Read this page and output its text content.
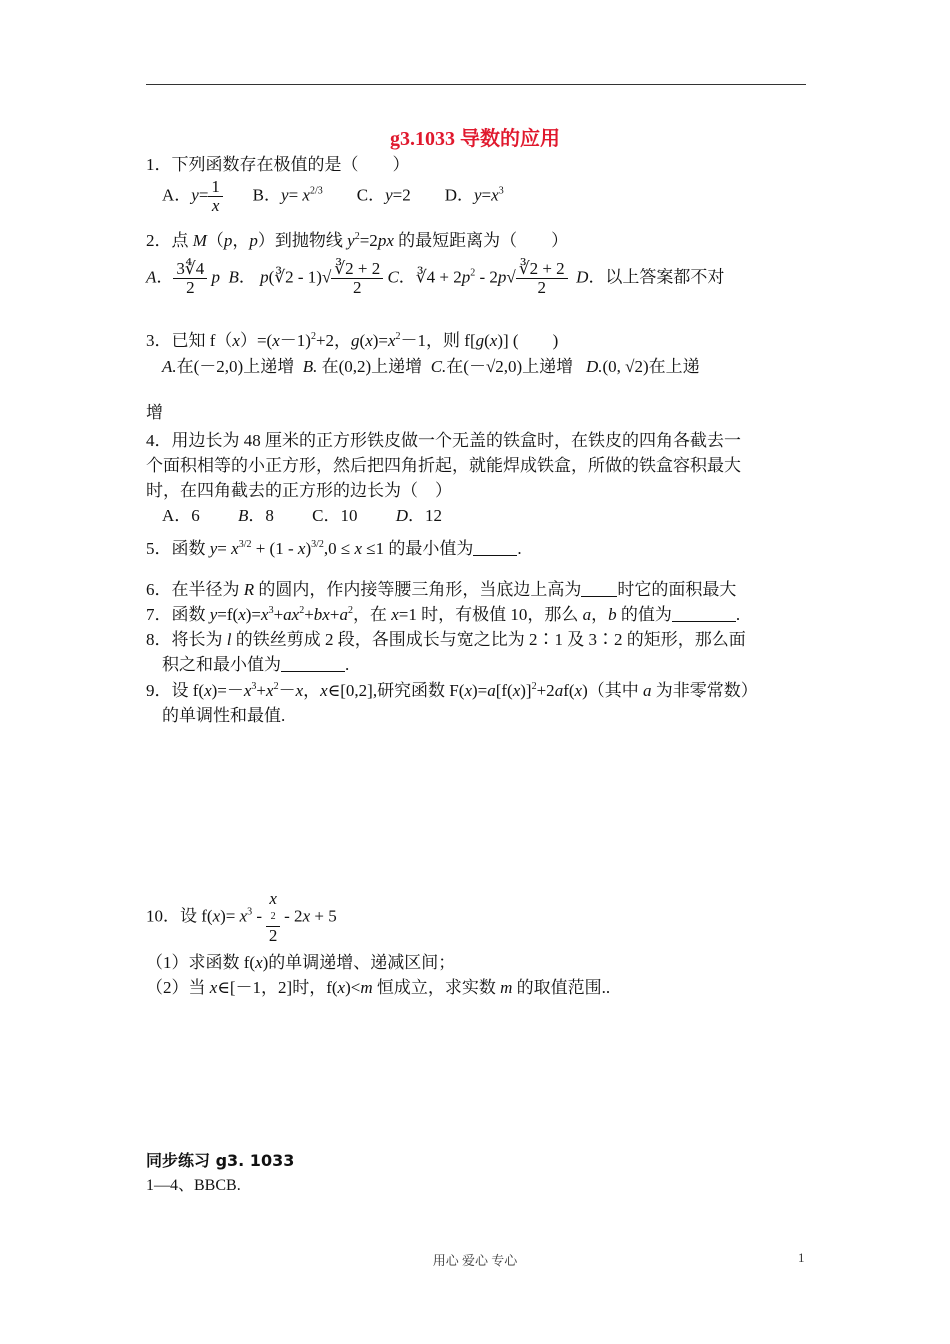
g3.1033 导数的应用
1．下列函数存在极值的是（　　）
A．$y= \frac{1}{x}$ B．$y= x^{2/3}$        C．y=2        D．$y=x^3$
2．点 M（p，p）到抛物线 $y^2=2px$ 的最短距离为（　　）
A． $\frac{3∜4}{2}$ p B． p(∛2 - $1)√ \frac{∛2 + 2}{2}$ C．∛4 + $2p^2 - 2p√ \frac{∛2 + 2}{2}$ D．以上答案都不对
3．已知 $f(x)=(x-1)^2+2$，$g(x)=x^2-1$，则 f[g(x)] (　　)
A.在(－2,0)上递增  B. 在(0,2)上递增  C.在(－√2,0)上递增   D.(0, √2)在上递
增
4．用边长为 48 厘米的正方形铁皮做一个无盖的铁盒时，在铁皮的四角各截去一
个面积相等的小正方形，然后把四角折起，就能焊成铁盒，所做的铁盒容积最大
时，在四角截去的正方形的边长为（　）
A．6         B．8         C．10         D．12
5．函数 $y= x^{3/2} + (1 - x)^{3/2},0 \le x \le 1$ 的最小值为	.
6．在半径为 R 的圆内，作内接等腰三角形，当底边上高为 时它的面积最大
7．函数 $y=f(x)=x^3+ax^2+bx+a^2$，在 x=1 时，有极值 10，那么 a，b 的值为	.
8．将长为 l 的铁丝剪成 2 段，各围成长与宽之比为 2∶1 及 3∶2 的矩形，那么面
积之和最小值为	.
9．设 $f(x)=-x^3+x^2-x$，x∈[0,2],研究函数 $F(x)=a[f(x)]^2+2af(x)$（其中 a 为非零常数）
的单调性和最值.
10．设 $f(x)= x^3 - x$
2
2 - 2x + 5
（1）求函数 f(x)的单调递增、递减区间；
（2）当 x∈[－1，2]时，f(x)<m 恒成立，求实数 m 的取值范围..
同步练习 g3. 1033
1—4、BBCB.
用心 爱心 专心	1
